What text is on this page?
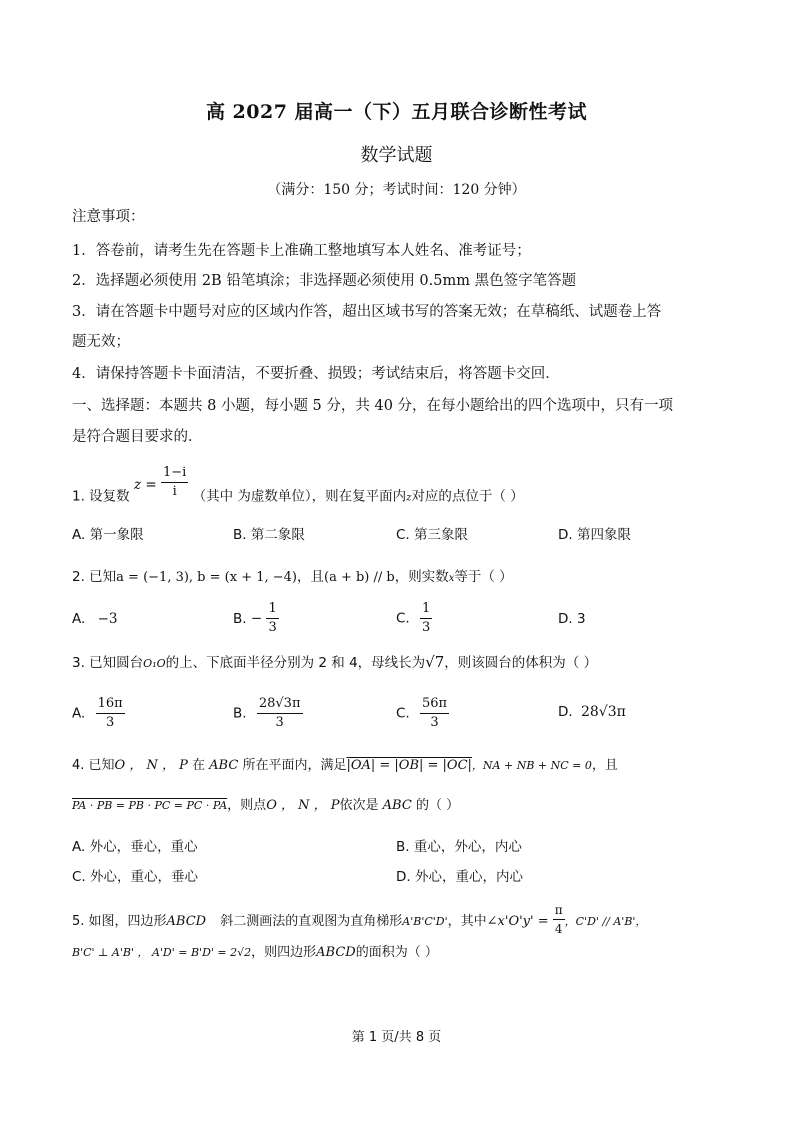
高 2027 届高一（下）五月联合诊断性考试
数学试题
（满分：150 分；考试时间：120 分钟）
注意事项：
1．答卷前，请考生先在答题卡上准确工整地填写本人姓名、准考证号；
2．选择题必须使用 2B 铅笔填涂；非选择题必须使用 0.5mm 黑色签字笔答题
3．请在答题卡中题号对应的区域内作答，超出区域书写的答案无效；在草稿纸、试题卷上答
题无效；
4．请保持答题卡卡面清洁，不要折叠、损毁；考试结束后，将答题卡交回．
一、选择题：本题共 8 小题，每小题 5 分，共 40 分，在每小题给出的四个选项中，只有一项
是符合题目要求的．
1. 设复数 $z = \frac{1-i}{i}$ （其中 为虚数单位），则在复平面内z对应的点位于（ ）
A. 第一象限	B. 第二象限	C. 第三象限	D. 第四象限
2. 已知a = (−1, 3), b = (x + 1, −4)，且(a + b) // b，则实数x等于（ ）
A. −3	B. − $\frac{1}{3}$	C. $\frac{1}{3}$	D. 3
3. 已知圆台O₁O的上、下底面半径分别为 2 和 4，母线长为√7，则该圆台的体积为（ ）
A. $\frac{16\pi}{3}$	B. $\frac{28√3\pi}{3}$	C. $\frac{56\pi}{3}$	D. 28√3π
4. 已知O ， N ， P 在 ABC 所在平面内，满足|OA| = |OB| = |OC|，NA + NB + NC = 0，且
PA · PB = PB · PC = PC · PA，则点O ， N ， P依次是 ABC 的（ ）
A. 外心，垂心，重心	B. 重心，外心，内心
C. 外心，重心，垂心	D. 外心，重心，内心
5. 如图，四边形ABCD 斜二测画法的直观图为直角梯形A'B'C'D'，其中∠x'O'y' = $\frac{\pi}{4}$ ，C'D' // A'B'，
B'C' ⊥ A'B' ， A'D' = B'D' = 2√2，则四边形ABCD的面积为（ ）
第 1 页/共 8 页
